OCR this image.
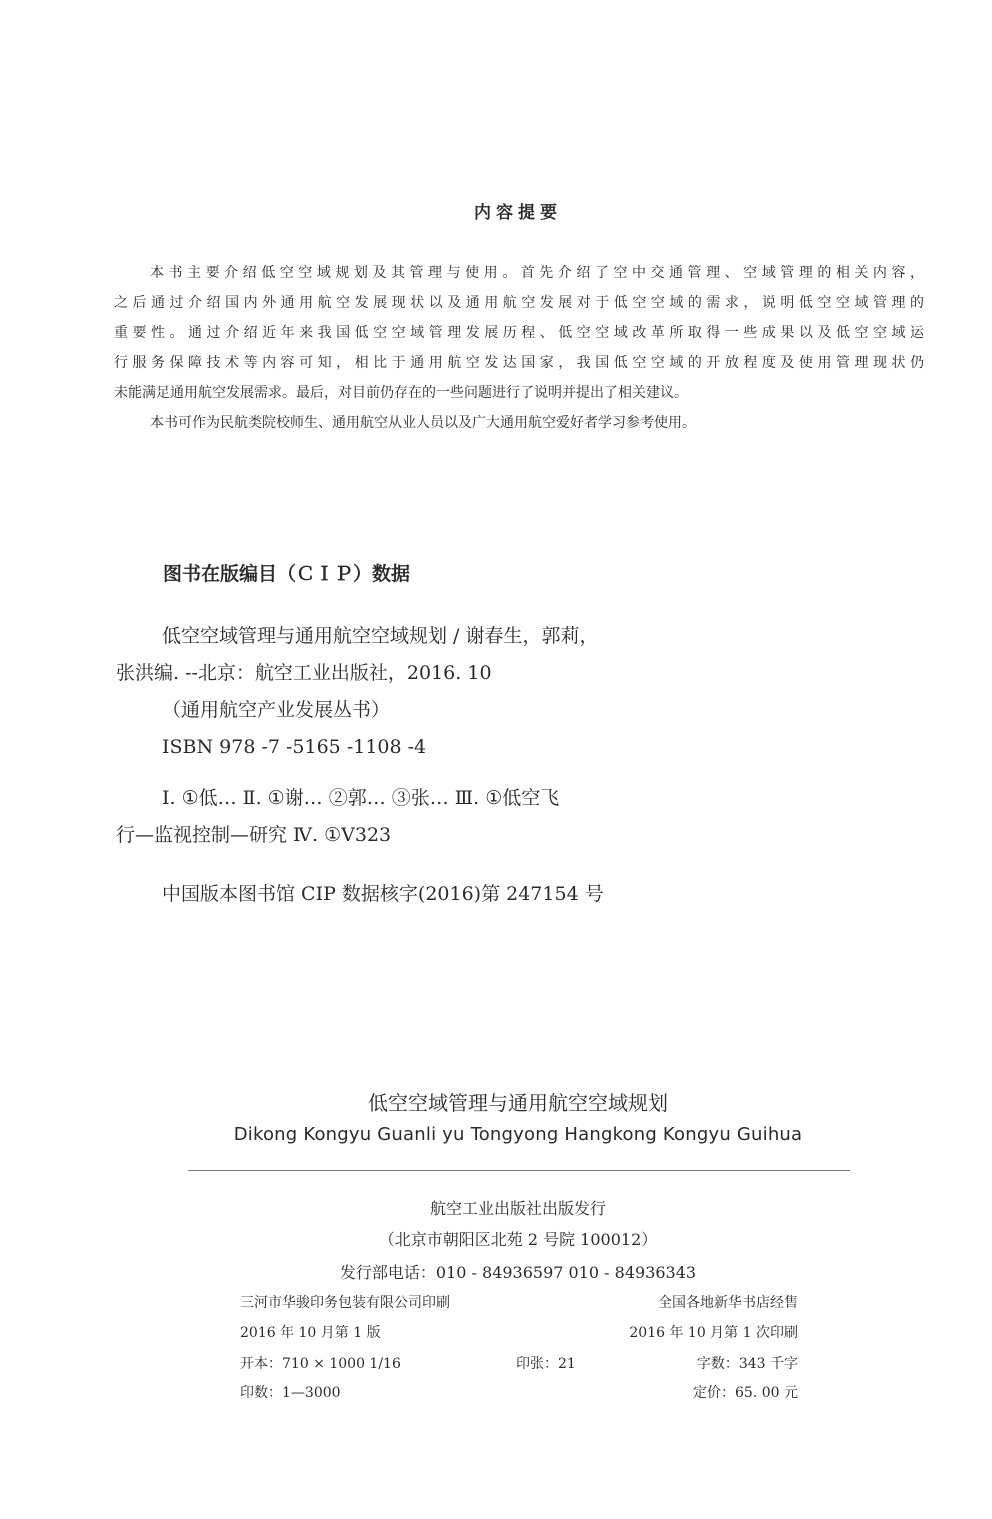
内容提要

本书主要介绍低空空域规划及其管理与使用。首先介绍了空中交通管理、空域管理的相关内容，
之后通过介绍国内外通用航空发展现状以及通用航空发展对于低空空域的需求，说明低空空域管理的
重要性。通过介绍近年来我国低空空域管理发展历程、低空空域改革所取得一些成果以及低空空域运
行服务保障技术等内容可知，相比于通用航空发达国家，我国低空空域的开放程度及使用管理现状仍
未能满足通用航空发展需求。最后，对目前仍存在的一些问题进行了说明并提出了相关建议。

本书可作为民航类院校师生、通用航空从业人员以及广大通用航空爱好者学习参考使用。

图书在版编目（ＣＩＰ）数据
低空空域管理与通用航空空域规划 / 谢春生，郭莉，
张洪编. --北京：航空工业出版社，2016. 10
（通用航空产业发展丛书）
ISBN 978 -7 -5165 -1108 -4
Ⅰ. ①低… Ⅱ. ①谢… ②郭… ③张… Ⅲ. ①低空飞
行—监视控制—研究 Ⅳ. ①V323
中国版本图书馆 CIP 数据核字(2016)第 247154 号
低空空域管理与通用航空空域规划
Dikong Kongyu Guanli yu Tongyong Hangkong Kongyu Guihua
航空工业出版社出版发行
（北京市朝阳区北苑 2 号院 100012）
发行部电话：010 - 84936597 010 - 84936343
三河市华骏印务包装有限公司印刷	全国各地新华书店经售
2016 年 10 月第 1 版	2016 年 10 月第 1 次印刷
开本：710 × 1000 1/16	印张：21	字数：343 千字
印数：1—3000	定价：65. 00 元
